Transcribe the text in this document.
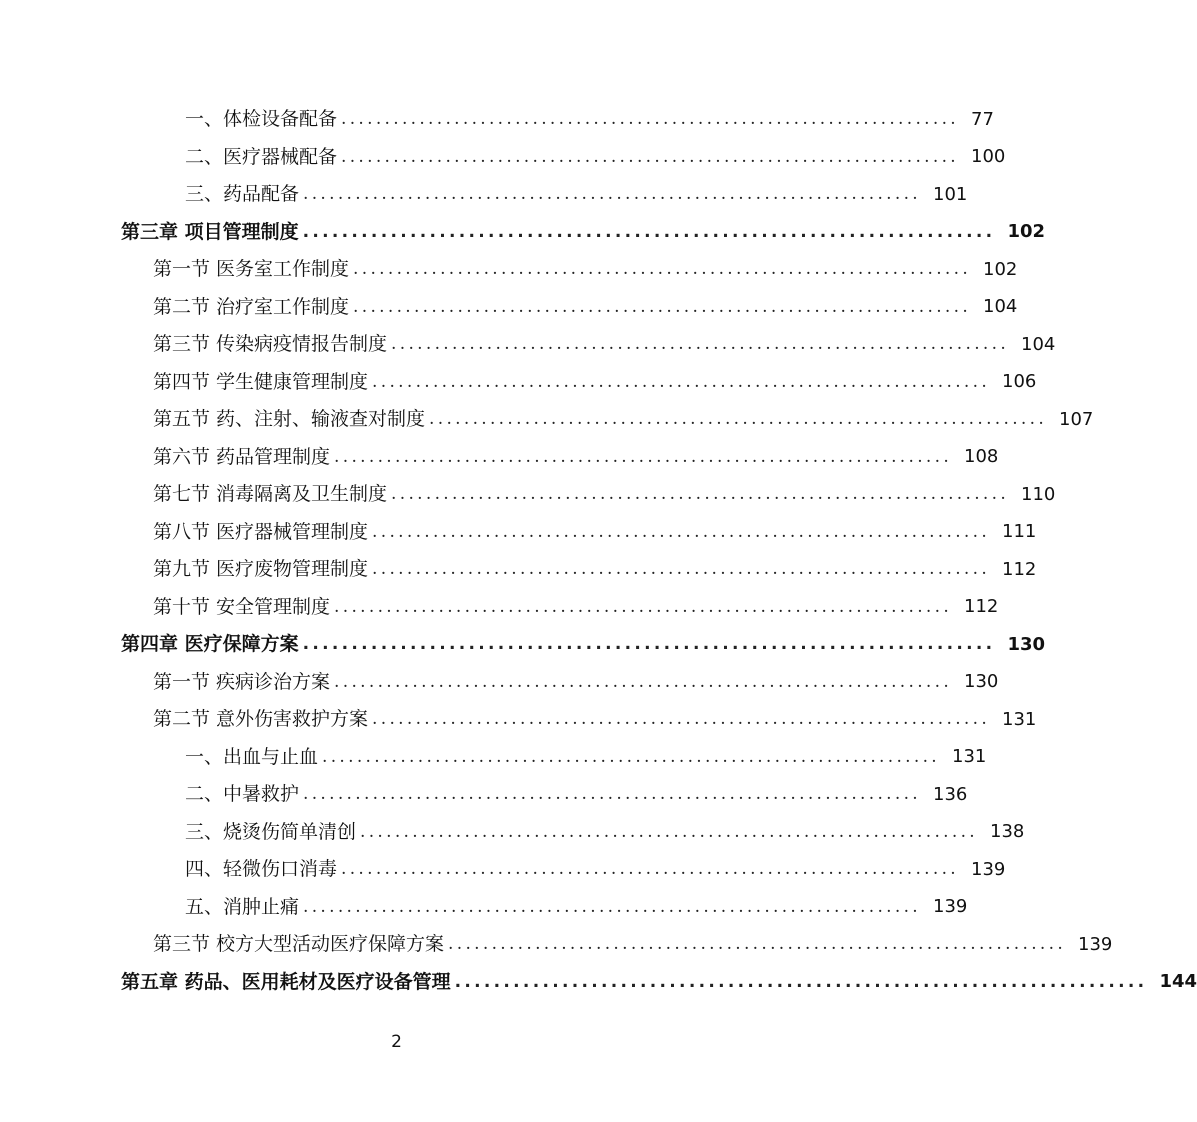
一、体检设备配备 ....................................................................... 77
二、医疗器械配备 ....................................................................... 100
三、药品配备 ....................................................................... 101
第三章 项目管理制度 ....................................................................... 102
第一节 医务室工作制度 ....................................................................... 102
第二节 治疗室工作制度 ....................................................................... 104
第三节 传染病疫情报告制度 ....................................................................... 104
第四节 学生健康管理制度 ....................................................................... 106
第五节 药、注射、输液查对制度 ....................................................................... 107
第六节 药品管理制度 ....................................................................... 108
第七节 消毒隔离及卫生制度 ....................................................................... 110
第八节 医疗器械管理制度 ....................................................................... 111
第九节 医疗废物管理制度 ....................................................................... 112
第十节 安全管理制度 ....................................................................... 112
第四章 医疗保障方案 ....................................................................... 130
第一节 疾病诊治方案 ....................................................................... 130
第二节 意外伤害救护方案 ....................................................................... 131
一、出血与止血 ....................................................................... 131
二、中暑救护 ....................................................................... 136
三、烧烫伤简单清创 ....................................................................... 138
四、轻微伤口消毒 ....................................................................... 139
五、消肿止痛 ....................................................................... 139
第三节 校方大型活动医疗保障方案 ....................................................................... 139
第五章 药品、医用耗材及医疗设备管理 ....................................................................... 144
2
